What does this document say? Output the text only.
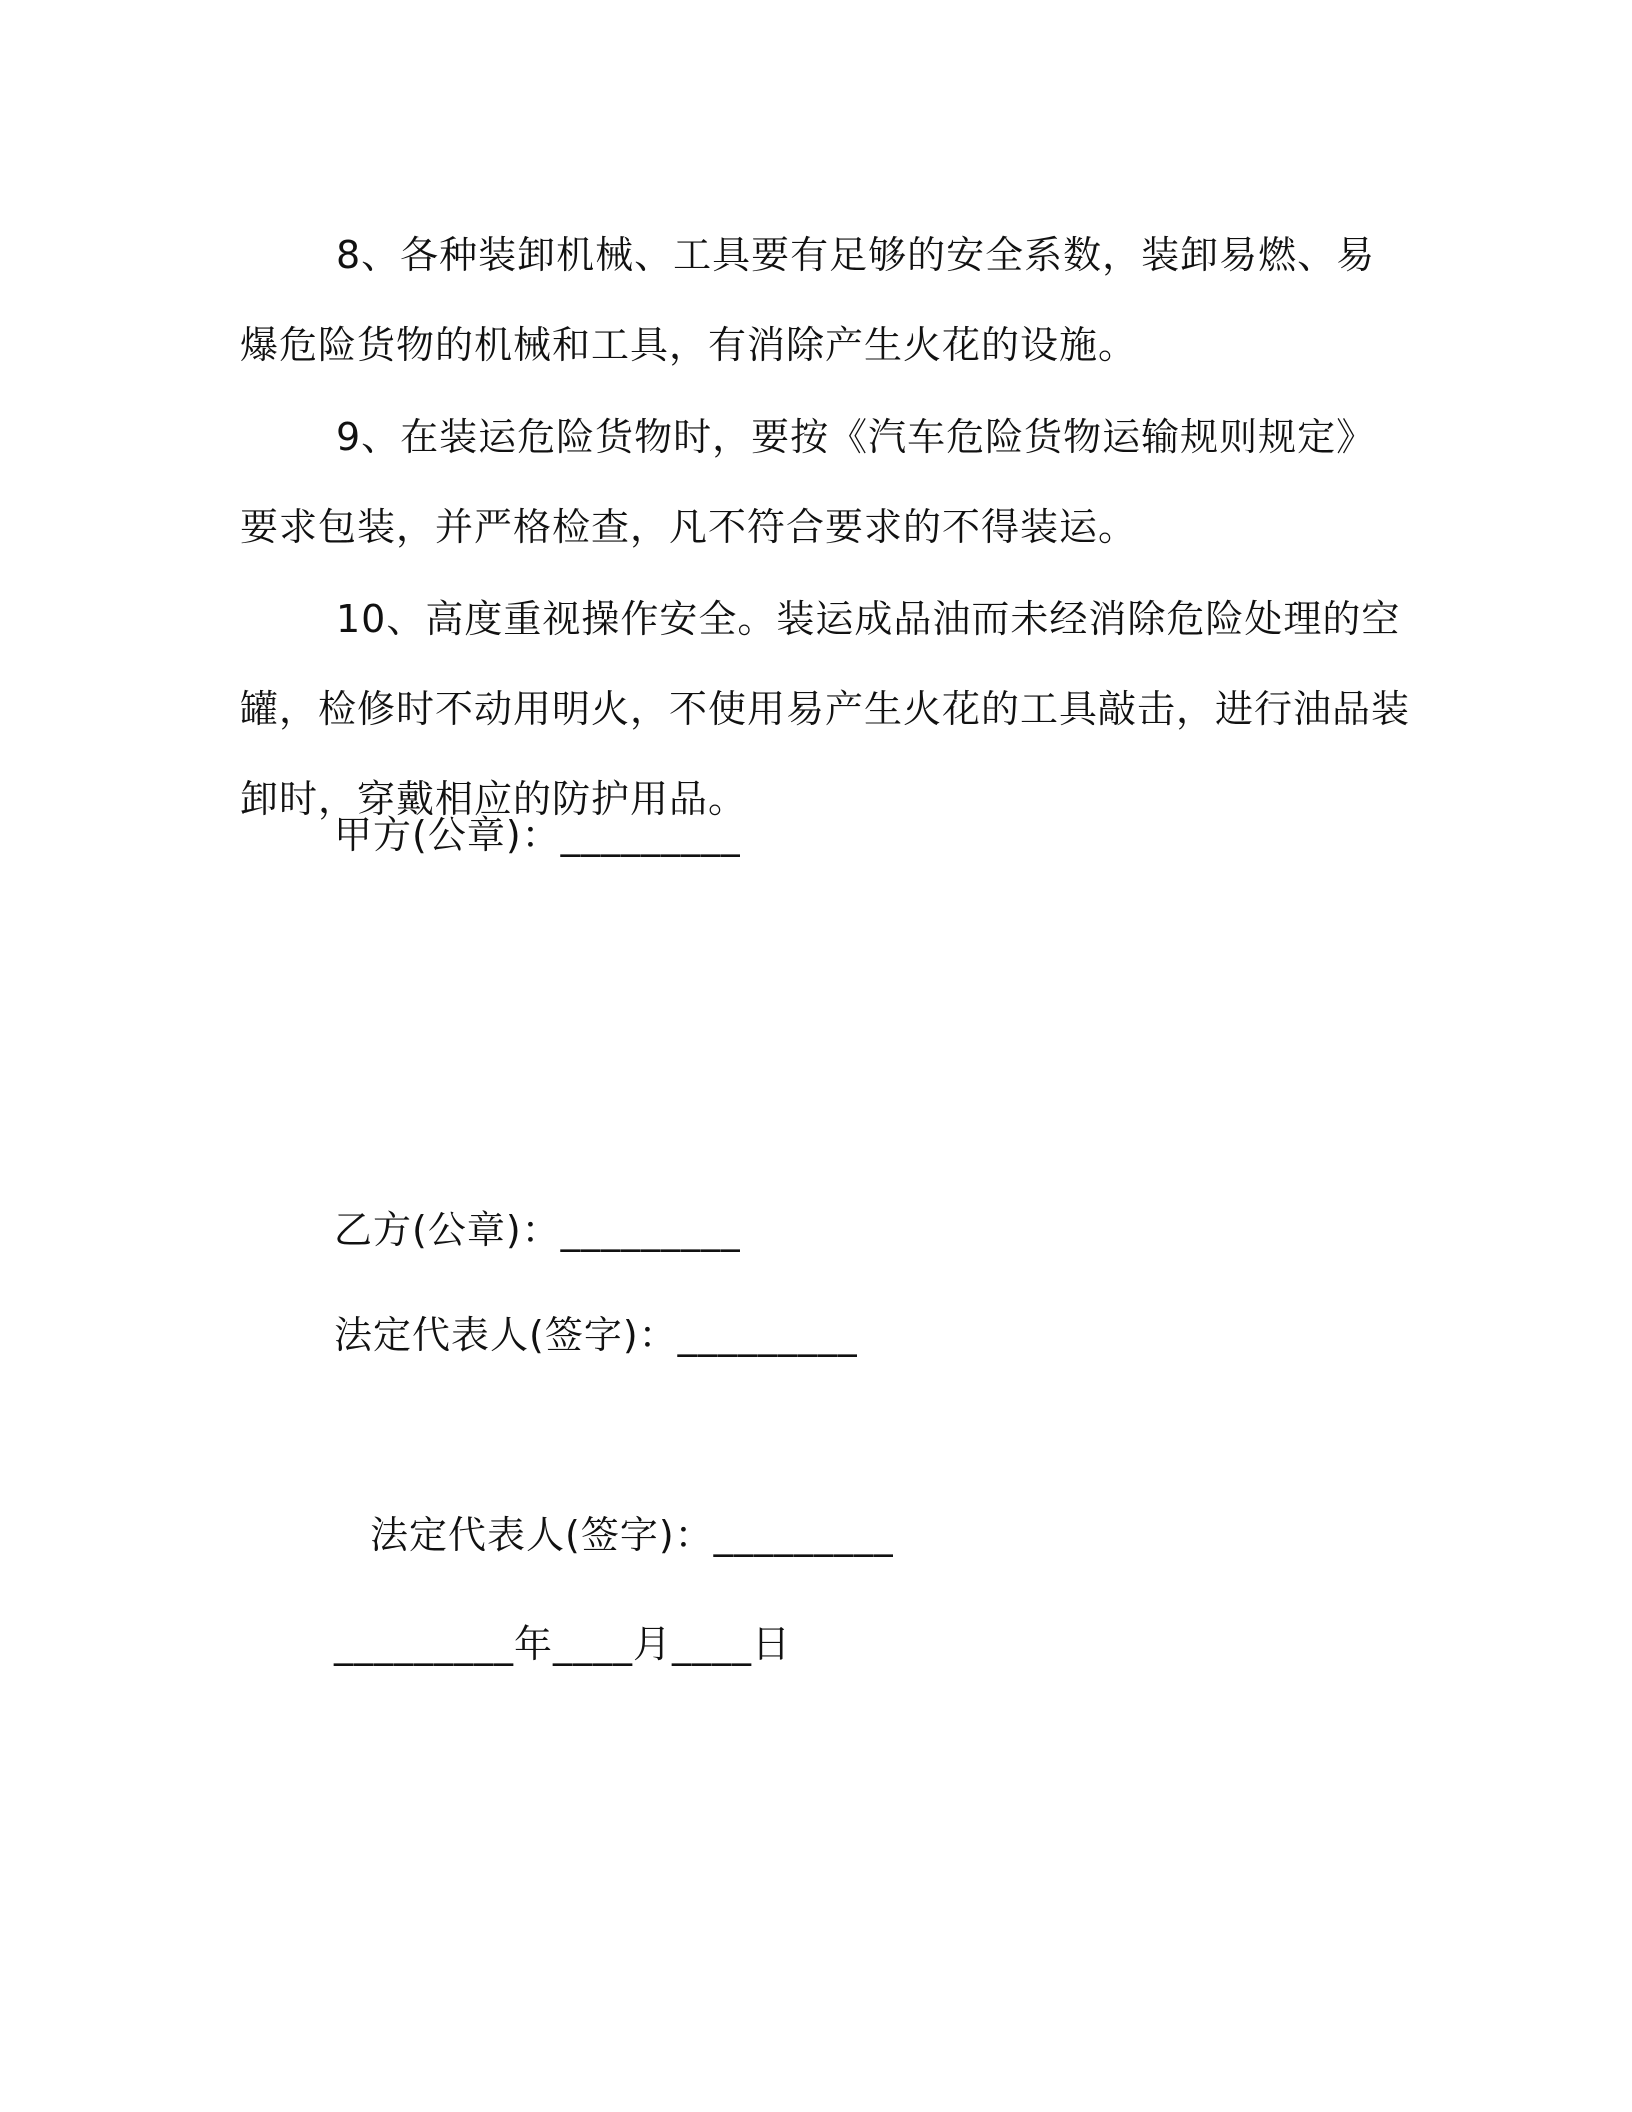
8、各种装卸机械、工具要有足够的安全系数，装卸易燃、易爆危险货物的机械和工具，有消除产生火花的设施。

9、在装运危险货物时，要按《汽车危险货物运输规则规定》要求包装，并严格检查，凡不符合要求的不得装运。

10、高度重视操作安全。装运成品油而未经消除危险处理的空罐，检修时不动用明火，不使用易产生火花的工具敲击，进行油品装卸时，穿戴相应的防护用品。

甲方(公章)：_________
乙方(公章)：_________
法定代表人(签字)：_________
法定代表人(签字)：_________
_________年____月____日
